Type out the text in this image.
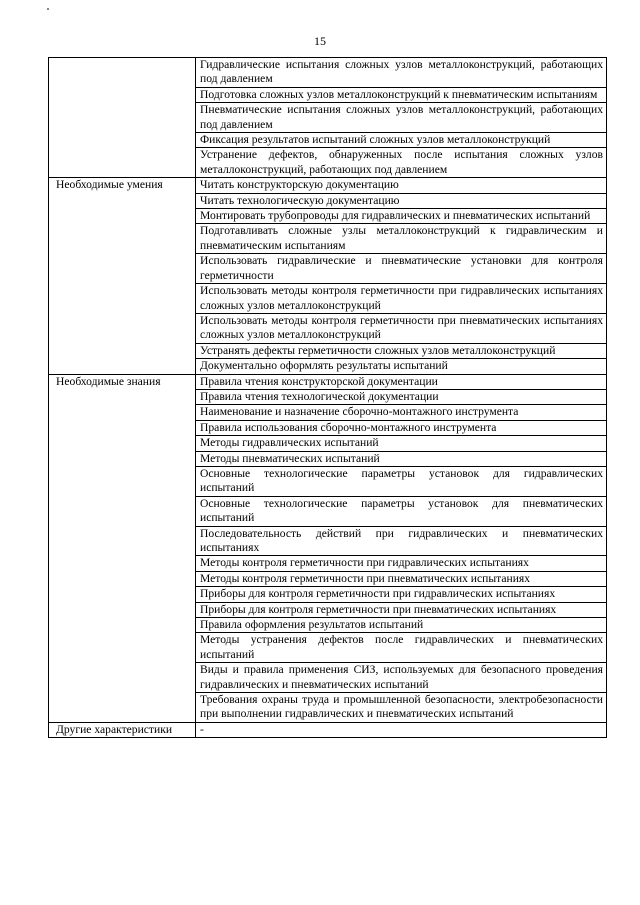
15
	Гидравлические испытания сложных узлов металлоконструкций, работающих под давлением
	Подготовка сложных узлов металлоконструкций к пневматическим испытаниям
	Пневматические испытания сложных узлов металлоконструкций, работающих под давлением
	Фиксация результатов испытаний сложных узлов металлоконструкций
	Устранение дефектов, обнаруженных после испытания сложных узлов металлоконструкций, работающих под давлением
Необходимые умения	Читать конструкторскую документацию
	Читать технологическую документацию
	Монтировать трубопроводы для гидравлических и пневматических испытаний
	Подготавливать сложные узлы металлоконструкций к гидравлическим и пневматическим испытаниям
	Использовать гидравлические и пневматические установки для контроля герметичности
	Использовать методы контроля герметичности при гидравлических испытаниях сложных узлов металлоконструкций
	Использовать методы контроля герметичности при пневматических испытаниях сложных узлов металлоконструкций
	Устранять дефекты герметичности сложных узлов металлоконструкций
	Документально оформлять результаты испытаний
Необходимые знания	Правила чтения конструкторской документации
	Правила чтения технологической документации
	Наименование и назначение сборочно-монтажного инструмента
	Правила использования сборочно-монтажного инструмента
	Методы гидравлических испытаний
	Методы пневматических испытаний
	Основные технологические параметры установок для гидравлических испытаний
	Основные технологические параметры установок для пневматических испытаний
	Последовательность действий при гидравлических и пневматических испытаниях
	Методы контроля герметичности при гидравлических испытаниях
	Методы контроля герметичности при пневматических испытаниях
	Приборы для контроля герметичности при гидравлических испытаниях
	Приборы для контроля герметичности при пневматических испытаниях
	Правила оформления результатов испытаний
	Методы устранения дефектов после гидравлических и пневматических испытаний
	Виды и правила применения СИЗ, используемых для безопасного проведения гидравлических и пневматических испытаний
	Требования охраны труда и промышленной безопасности, электробезопасности при выполнении гидравлических и пневматических испытаний
Другие характеристики	-
